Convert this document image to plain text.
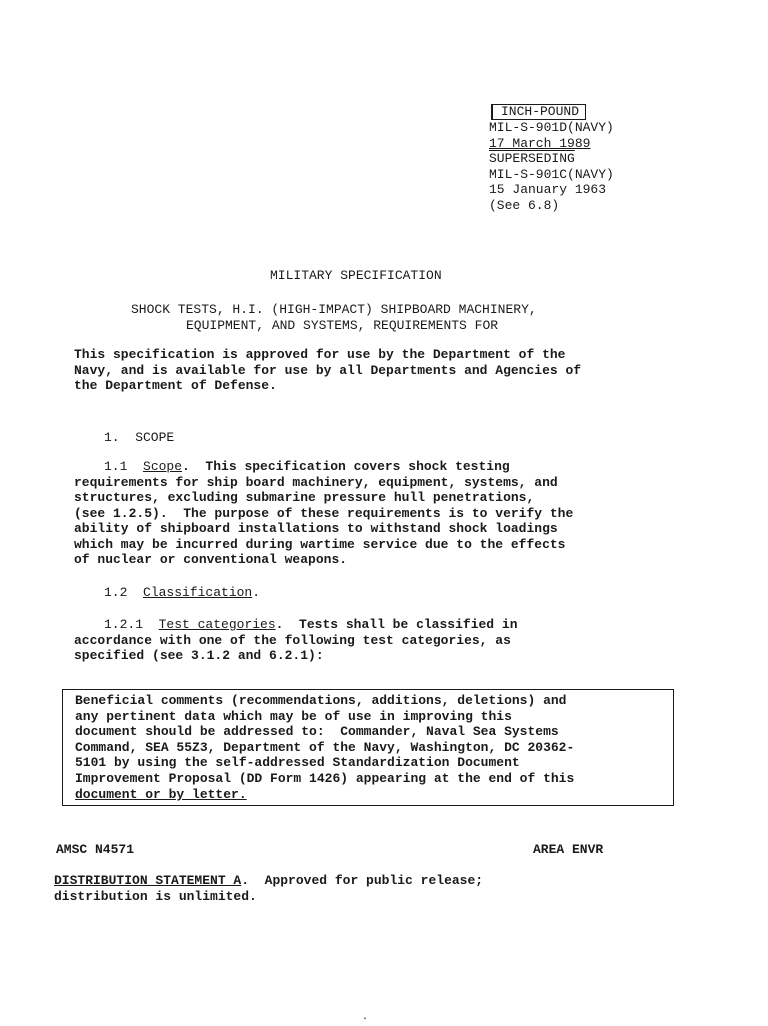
INCH-POUND
MIL-S-901D(NAVY)
17 March 1989
SUPERSEDING
MIL-S-901C(NAVY)
15 January 1963
(See 6.8)
MILITARY SPECIFICATION
SHOCK TESTS, H.I. (HIGH-IMPACT) SHIPBOARD MACHINERY,
EQUIPMENT, AND SYSTEMS, REQUIREMENTS FOR
This specification is approved for use by the Department of the
Navy, and is available for use by all Departments and Agencies of
the Department of Defense.
1.  SCOPE
1.1 Scope.  This specification covers shock testing
requirements for ship board machinery, equipment, systems, and
structures, excluding submarine pressure hull penetrations,
(see 1.2.5).  The purpose of these requirements is to verify the
ability of shipboard installations to withstand shock loadings
which may be incurred during wartime service due to the effects
of nuclear or conventional weapons.
1.2 Classification.
1.2.1 Test categories.  Tests shall be classified in
accordance with one of the following test categories, as
specified (see 3.1.2 and 6.2.1):
Beneficial comments (recommendations, additions, deletions) and
any pertinent data which may be of use in improving this
document should be addressed to:  Commander, Naval Sea Systems
Command, SEA 55Z3, Department of the Navy, Washington, DC 20362-
5101 by using the self-addressed Standardization Document
Improvement Proposal (DD Form 1426) appearing at the end of this
document or by letter.
AMSC N4571	AREA ENVR
DISTRIBUTION STATEMENT A.  Approved for public release;
distribution is unlimited.
.
